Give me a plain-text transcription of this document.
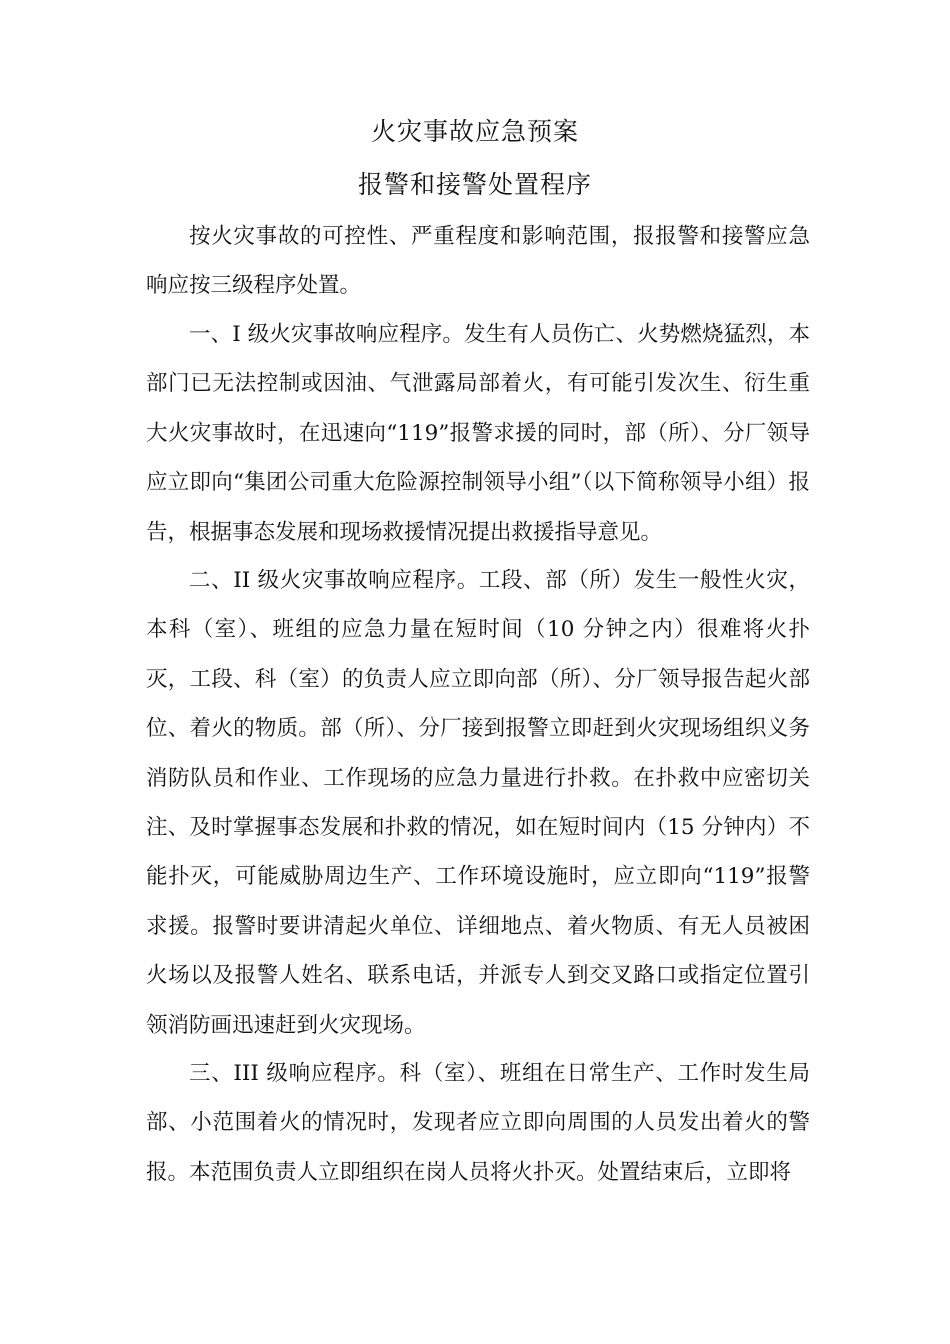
火灾事故应急预案
报警和接警处置程序

按火灾事故的可控性、严重程度和影响范围，报报警和接警应急响应按三级程序处置。

一、I 级火灾事故响应程序。发生有人员伤亡、火势燃烧猛烈，本部门已无法控制或因油、气泄露局部着火，有可能引发次生、衍生重大火灾事故时，在迅速向“119”报警求援的同时，部（所）、分厂领导应立即向“集团公司重大危险源控制领导小组”（以下简称领导小组）报告，根据事态发展和现场救援情况提出救援指导意见。

二、II 级火灾事故响应程序。工段、部（所）发生一般性火灾，本科（室）、班组的应急力量在短时间（10 分钟之内）很难将火扑灭，工段、科（室）的负责人应立即向部（所）、分厂领导报告起火部位、着火的物质。部（所）、分厂接到报警立即赶到火灾现场组织义务消防队员和作业、工作现场的应急力量进行扑救。在扑救中应密切关注、及时掌握事态发展和扑救的情况，如在短时间内（15 分钟内）不能扑灭，可能威胁周边生产、工作环境设施时，应立即向“119”报警求援。报警时要讲清起火单位、详细地点、着火物质、有无人员被困火场以及报警人姓名、联系电话，并派专人到交叉路口或指定位置引领消防画迅速赶到火灾现场。

三、III 级响应程序。科（室）、班组在日常生产、工作时发生局部、小范围着火的情况时，发现者应立即向周围的人员发出着火的警报。本范围负责人立即组织在岗人员将火扑灭。处置结束后，立即将
